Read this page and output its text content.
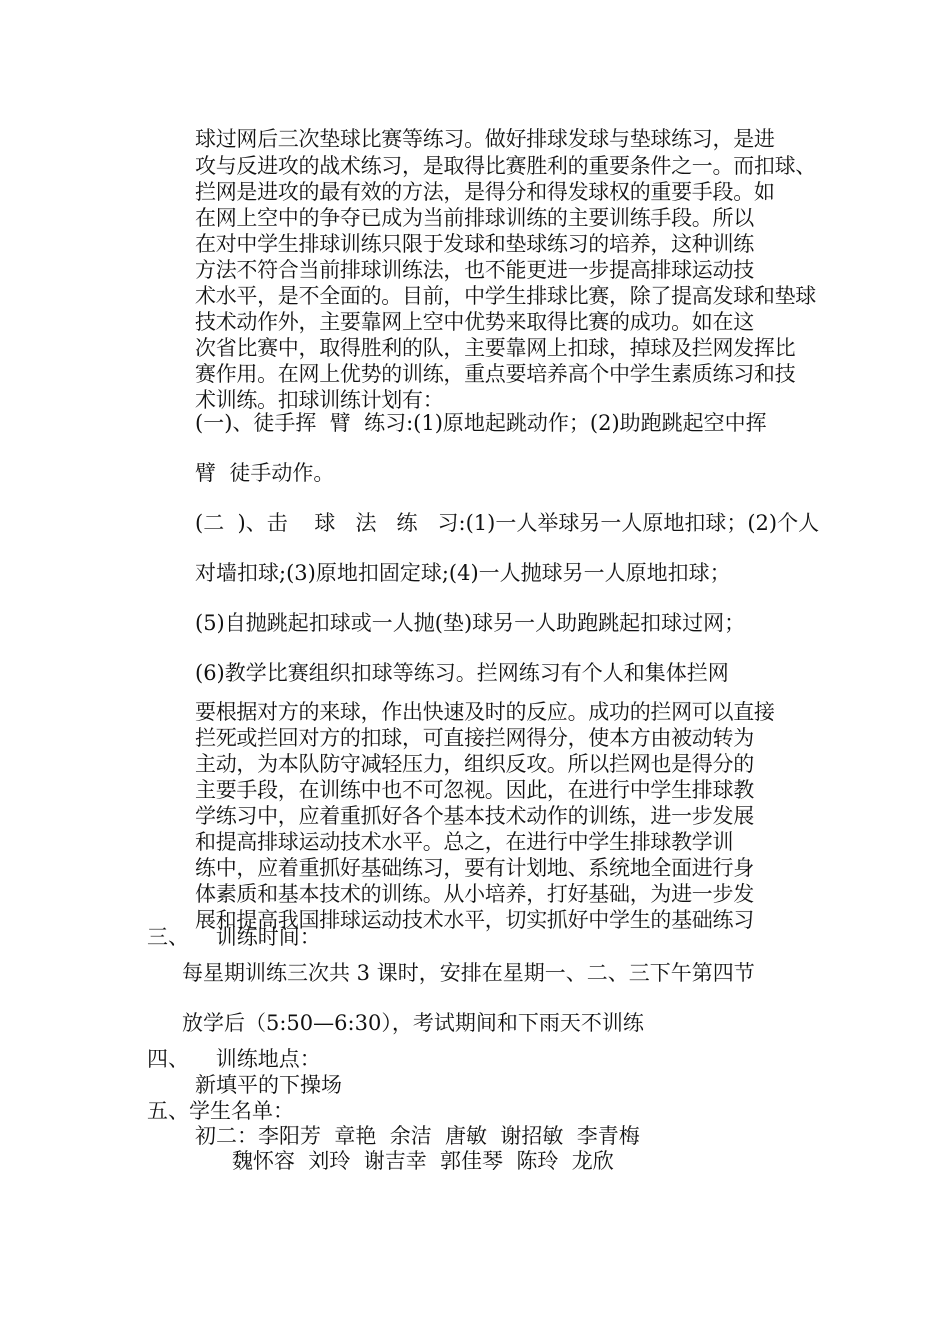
球过网后三次垫球比赛等练习。做好排球发球与垫球练习，是进
攻与反进攻的战术练习，是取得比赛胜利的重要条件之一。而扣球、
拦网是进攻的最有效的方法，是得分和得发球权的重要手段。如
在网上空中的争夺已成为当前排球训练的主要训练手段。所以
在对中学生排球训练只限于发球和垫球练习的培养，这种训练
方法不符合当前排球训练法，也不能更进一步提高排球运动技
术水平，是不全面的。目前，中学生排球比赛，除了提高发球和垫球
技术动作外，主要靠网上空中优势来取得比赛的成功。如在这
次省比赛中，取得胜利的队，主要靠网上扣球，掉球及拦网发挥比
赛作用。在网上优势的训练，重点要培养高个中学生素质练习和技
术训练。扣球训练计划有：
(一)、徒手挥  臂  练习:(1)原地起跳动作；(2)助跑跳起空中挥
臂  徒手动作。
(二  )、击    球   法   练   习:(1)一人举球另一人原地扣球；(2)个人
对墙扣球;(3)原地扣固定球;(4)一人抛球另一人原地扣球；
(5)自抛跳起扣球或一人抛(垫)球另一人助跑跳起扣球过网；
(6)教学比赛组织扣球等练习。拦网练习有个人和集体拦网
要根据对方的来球，作出快速及时的反应。成功的拦网可以直接
拦死或拦回对方的扣球，可直接拦网得分，使本方由被动转为
主动，为本队防守减轻压力，组织反攻。所以拦网也是得分的
主要手段，在训练中也不可忽视。因此，在进行中学生排球教
学练习中，应着重抓好各个基本技术动作的训练，进一步发展
和提高排球运动技术水平。总之，在进行中学生排球教学训
练中，应着重抓好基础练习，要有计划地、系统地全面进行身
体素质和基本技术的训练。从小培养，打好基础，为进一步发
展和提高我国排球运动技术水平，切实抓好中学生的基础练习
三、    训练时间：
每星期训练三次共 3 课时，安排在星期一、二、三下午第四节
放学后（5:50—6:30），考试期间和下雨天不训练
四、    训练地点：
新填平的下操场
五、学生名单：
初二：李阳芳  章艳  余洁  唐敏  谢招敏  李青梅
魏怀容  刘玲  谢吉幸  郭佳琴  陈玲  龙欣
